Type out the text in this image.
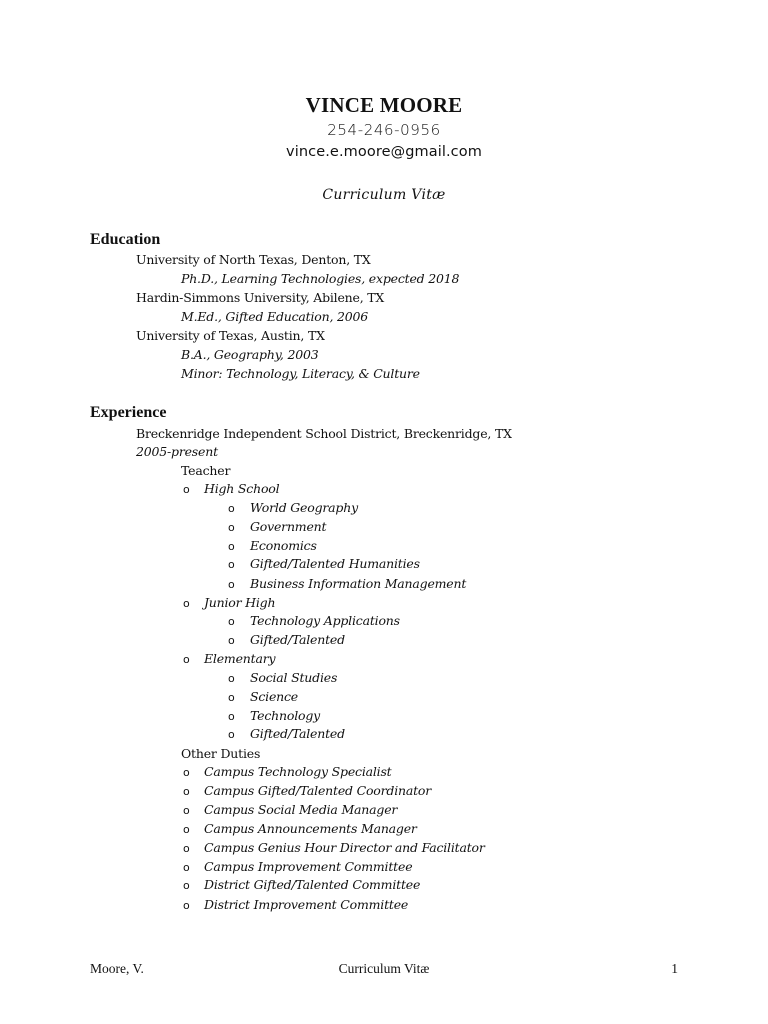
VINCE MOORE
254-246-0956
vince.e.moore@gmail.com
Curriculum Vitæ
Education
University of North Texas, Denton, TX
Ph.D., Learning Technologies, expected 2018
Hardin-Simmons University, Abilene, TX
M.Ed., Gifted Education, 2006
University of Texas, Austin, TX
B.A., Geography, 2003
Minor: Technology, Literacy, & Culture
Experience
Breckenridge Independent School District, Breckenridge, TX
2005-present
Teacher
o High School
o World Geography
o Government
o Economics
o Gifted/Talented Humanities
o Business Information Management
o Junior High
o Technology Applications
o Gifted/Talented
o Elementary
o Social Studies
o Science
o Technology
o Gifted/Talented
Other Duties
o Campus Technology Specialist
o Campus Gifted/Talented Coordinator
o Campus Social Media Manager
o Campus Announcements Manager
o Campus Genius Hour Director and Facilitator
o Campus Improvement Committee
o District Gifted/Talented Committee
o District Improvement Committee
Moore, V.	Curriculum Vitæ	1
